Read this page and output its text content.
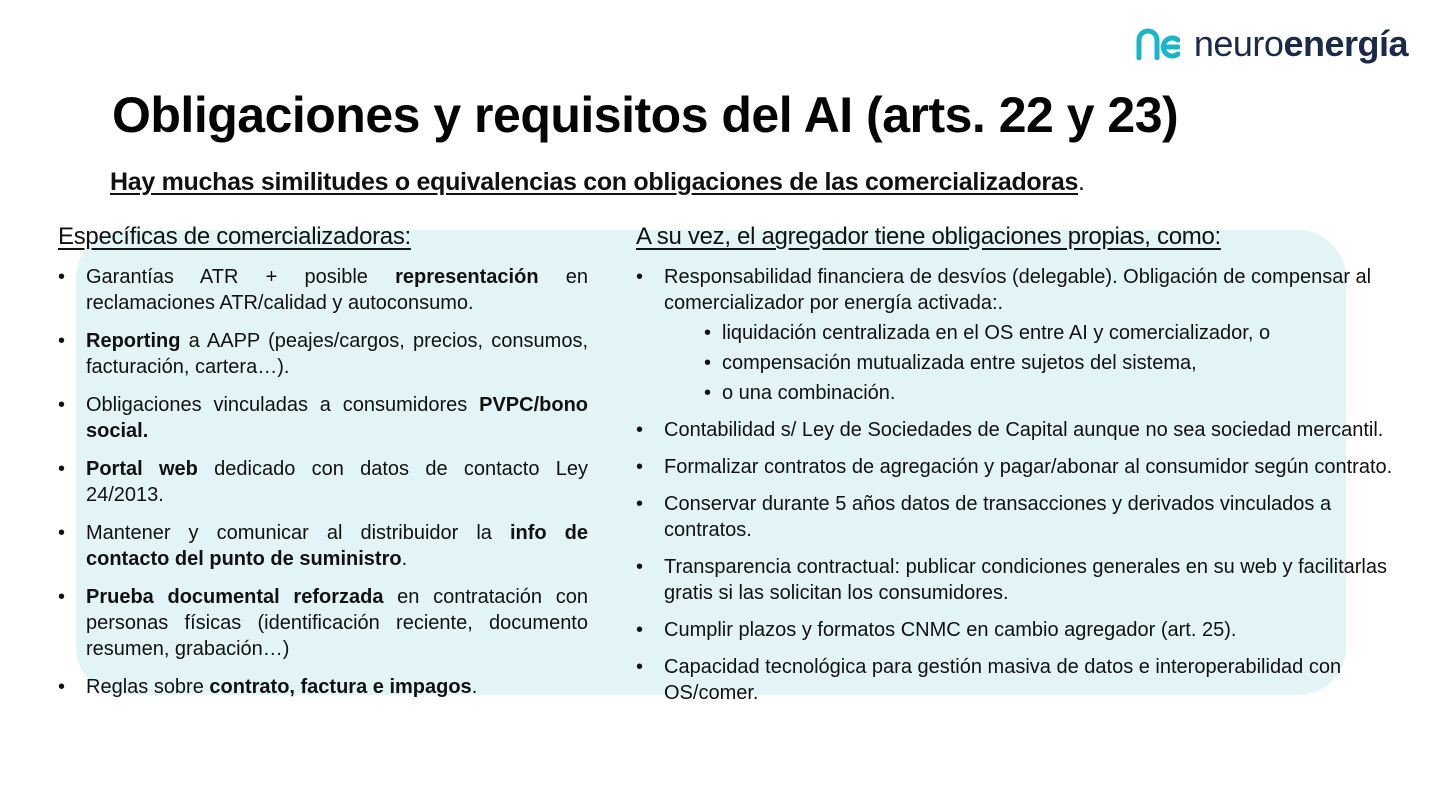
neuroenergía
Obligaciones y requisitos del AI (arts. 22 y 23)

Hay muchas similitudes o equivalencias con obligaciones de las comercializadoras.

Específicas de comercializadoras:	A su vez, el agregador tiene obligaciones propias, como:
• Garantías ATR + posible representación en reclamaciones ATR/calidad y autoconsumo.
• Reporting a AAPP (peajes/cargos, precios, consumos, facturación, cartera…).
• Obligaciones vinculadas a consumidores PVPC/bono social.
• Portal web dedicado con datos de contacto Ley 24/2013.
• Mantener y comunicar al distribuidor la info de contacto del punto de suministro.
• Prueba documental reforzada en contratación con personas físicas (identificación reciente, documento resumen, grabación…)
• Reglas sobre contrato, factura e impagos.
• Responsabilidad financiera de desvíos (delegable). Obligación de compensar al comercializador por energía activada:.
• liquidación centralizada en el OS entre AI y comercializador, o
• compensación mutualizada entre sujetos del sistema,
• o una combinación.
• Contabilidad s/ Ley de Sociedades de Capital aunque no sea sociedad mercantil.
• Formalizar contratos de agregación y pagar/abonar al consumidor según contrato.
• Conservar durante 5 años datos de transacciones y derivados vinculados a contratos.
• Transparencia contractual: publicar condiciones generales en su web y facilitarlas gratis si las solicitan los consumidores.
• Cumplir plazos y formatos CNMC en cambio agregador (art. 25).
• Capacidad tecnológica para gestión masiva de datos e interoperabilidad con OS/comer.
